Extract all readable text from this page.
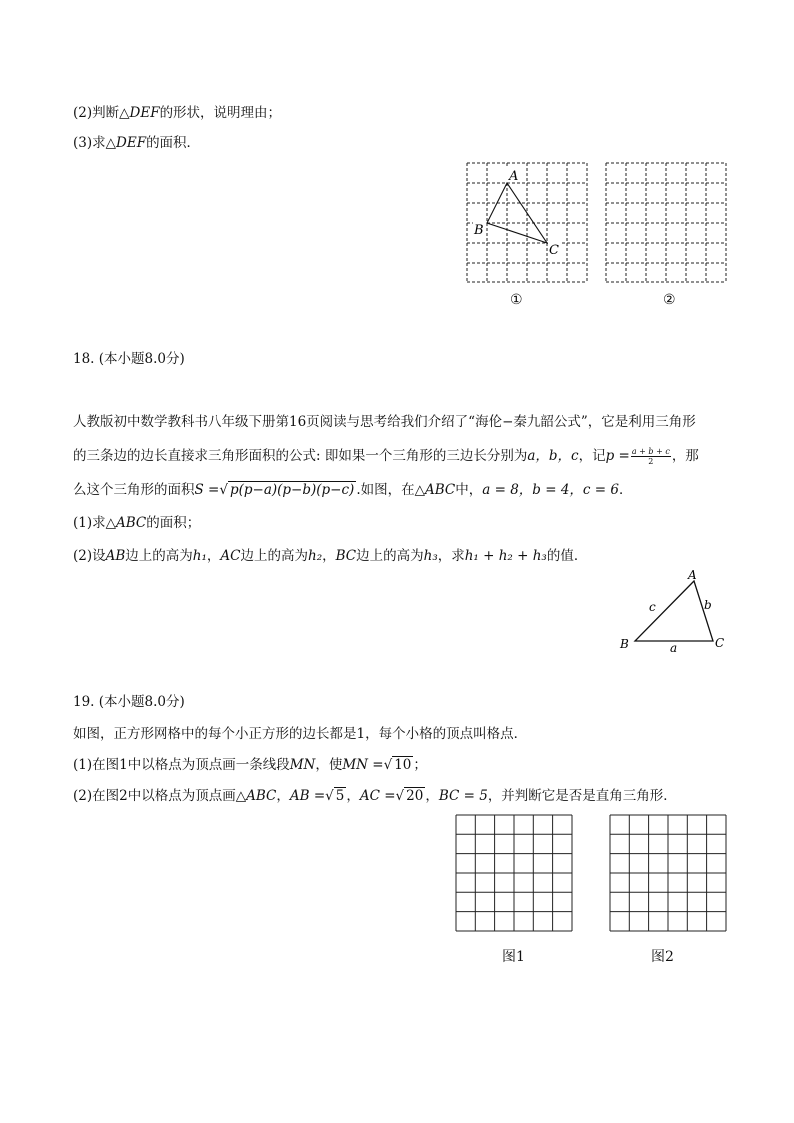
(2)判断△DEF的形状，说明理由；
(3)求△DEF的面积．
A
B
C
①	②
18. (本小题8.0分)
人教版初中数学教科书八年级下册第16页阅读与思考给我们介绍了“海伦−秦九韶公式”，它是利用三角形
的三条边的边长直接求三角形面积的公式: 即如果一个三角形的三边长分别为a，b，c，记$p = \frac{a + b + c}{2}$ ，那
么这个三角形的面积S =√ p(p−a)(p−b)(p−c) .如图，在△ABC中，a = 8，b = 4，c = 6．
(1)求△ABC的面积；
(2)设AB边上的高为h₁，AC边上的高为h₂，BC边上的高为h₃，求h₁ + h₂ + h₃的值．
A
B	C
a
b
c
19. (本小题8.0分)
如图，正方形网格中的每个小正方形的边长都是1，每个小格的顶点叫格点．
(1)在图1中以格点为顶点画一条线段MN，使MN =√ 10 ；
(2)在图2中以格点为顶点画△ABC，AB =√ 5 ，AC =√ 20 ，BC = 5，并判断它是否是直角三角形．
图1	图2
